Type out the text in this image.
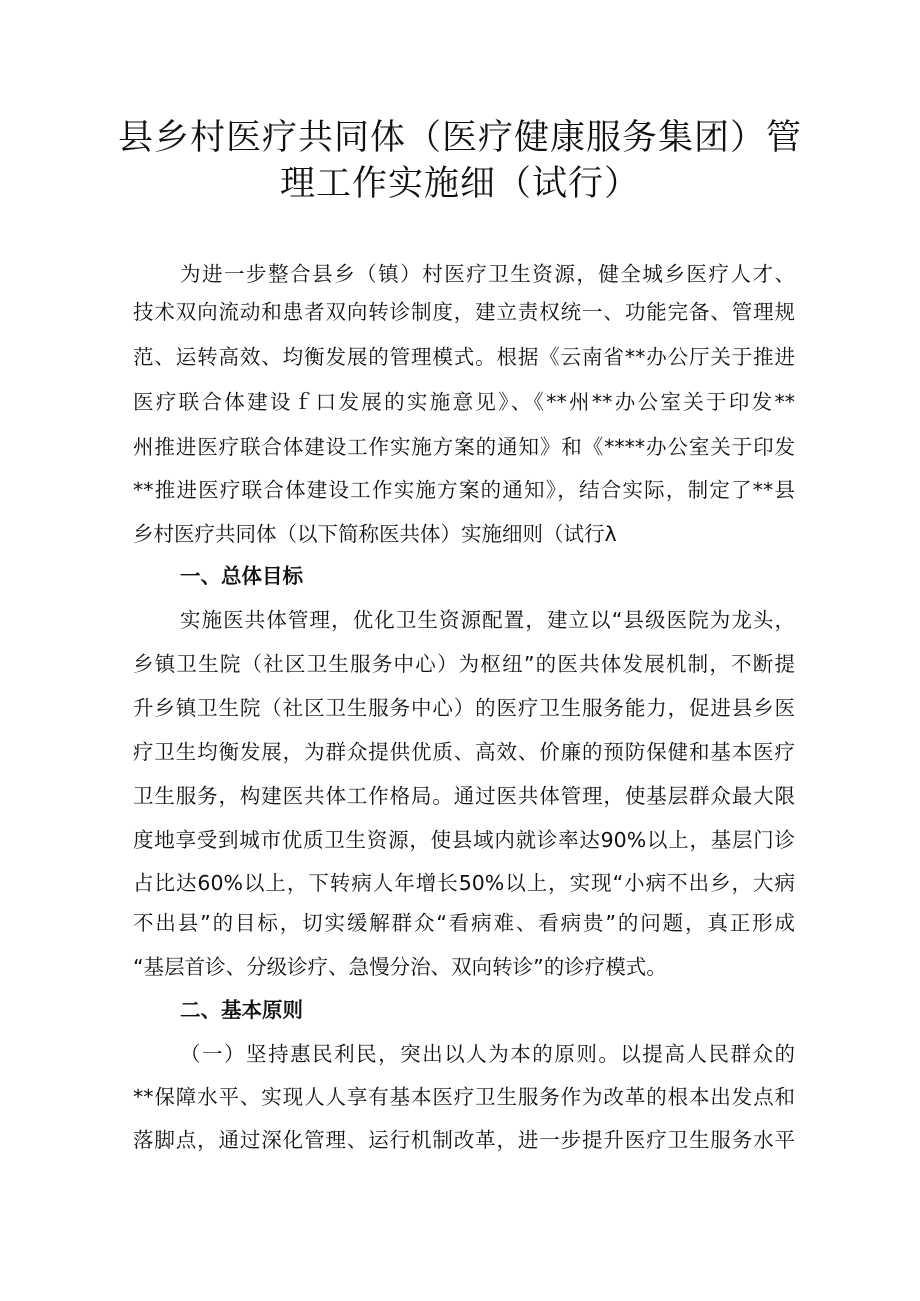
县乡村医疗共同体（医疗健康服务集团）管
理工作实施细（试行）

为进一步整合县乡（镇）村医疗卫生资源，健全城乡医疗人才、

技术双向流动和患者双向转诊制度，建立责权统一、功能完备、管理规

范、运转高效、均衡发展的管理模式。根据《云南省**办公厅关于推进

医疗联合体建设ｆ口发展的实施意见》、《**州**办公室关于印发**

州推进医疗联合体建设工作实施方案的通知》和《****办公室关于印发

**推进医疗联合体建设工作实施方案的通知》，结合实际，制定了**县

乡村医疗共同体（以下简称医共体）实施细则（试行λ

一、总体目标

实施医共体管理，优化卫生资源配置，建立以“县级医院为龙头，

乡镇卫生院（社区卫生服务中心）为枢纽”的医共体发展机制，不断提

升乡镇卫生院（社区卫生服务中心）的医疗卫生服务能力，促进县乡医

疗卫生均衡发展，为群众提供优质、高效、价廉的预防保健和基本医疗

卫生服务，构建医共体工作格局。通过医共体管理，使基层群众最大限

度地享受到城市优质卫生资源，使县域内就诊率达90%以上，基层门诊

占比达60%以上，下转病人年增长50%以上，实现“小病不出乡，大病

不出县”的目标，切实缓解群众“看病难、看病贵”的问题，真正形成

“基层首诊、分级诊疗、急慢分治、双向转诊”的诊疗模式。

二、基本原则

（一）坚持惠民利民，突出以人为本的原则。以提高人民群众的

**保障水平、实现人人享有基本医疗卫生服务作为改革的根本出发点和

落脚点，通过深化管理、运行机制改革，进一步提升医疗卫生服务水平
